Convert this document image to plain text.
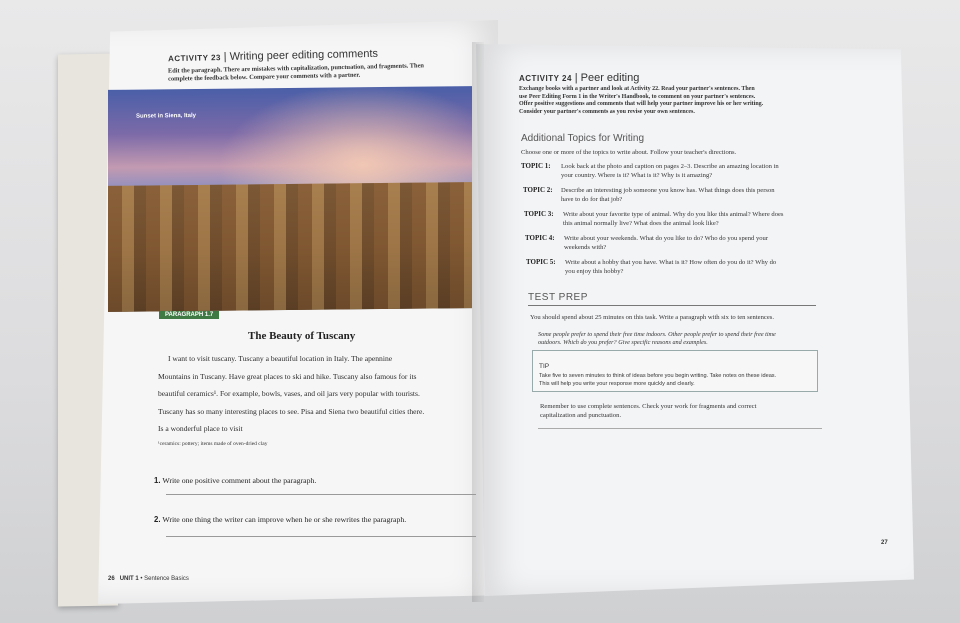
ACTIVITY 23 | Writing peer editing comments
Edit the paragraph. There are mistakes with capitalization, punctuation, and fragments. Then
complete the feedback below. Compare your comments with a partner.
Sunset in Siena, Italy
PARAGRAPH 1.7
The Beauty of Tuscany
I want to visit tuscany. Tuscany a beautiful location in Italy. The apennine
Mountains in Tuscany. Have great places to ski and hike. Tuscany also famous for its
beautiful ceramics¹. For example, bowls, vases, and oil jars very popular with tourists.
Tuscany has so many interesting places to see. Pisa and Siena two beautiful cities there.
Is a wonderful place to visit
¹ceramics: pottery; items made of oven-dried clay
1. Write one positive comment about the paragraph.
2. Write one thing the writer can improve when he or she rewrites the paragraph.
26 UNIT 1 • Sentence Basics
ACTIVITY 24 | Peer editing
Exchange books with a partner and look at Activity 22. Read your partner's sentences. Then
use Peer Editing Form 1 in the Writer's Handbook, to comment on your partner's sentences.
Offer positive suggestions and comments that will help your partner improve his or her writing.
Consider your partner's comments as you revise your own sentences.
Additional Topics for Writing
Choose one or more of the topics to write about. Follow your teacher's directions.
TOPIC 1: Look back at the photo and caption on pages 2–3. Describe an amazing location in
your country. Where is it? What is it? Why is it amazing?
TOPIC 2: Describe an interesting job someone you know has. What things does this person
have to do for that job?
TOPIC 3: Write about your favorite type of animal. Why do you like this animal? Where does
this animal normally live? What does the animal look like?
TOPIC 4: Write about your weekends. What do you like to do? Who do you spend your
weekends with?
TOPIC 5: Write about a hobby that you have. What is it? How often do you do it? Why do
you enjoy this hobby?
TEST PREP
You should spend about 25 minutes on this task. Write a paragraph with six to ten sentences.
Some people prefer to spend their free time indoors. Other people prefer to spend their free time
outdoors. Which do you prefer? Give specific reasons and examples.
TIP
Take five to seven minutes to think of ideas before you begin writing. Take notes on these ideas.
This will help you write your response more quickly and clearly.
Remember to use complete sentences. Check your work for fragments and correct
capitalization and punctuation.
27
